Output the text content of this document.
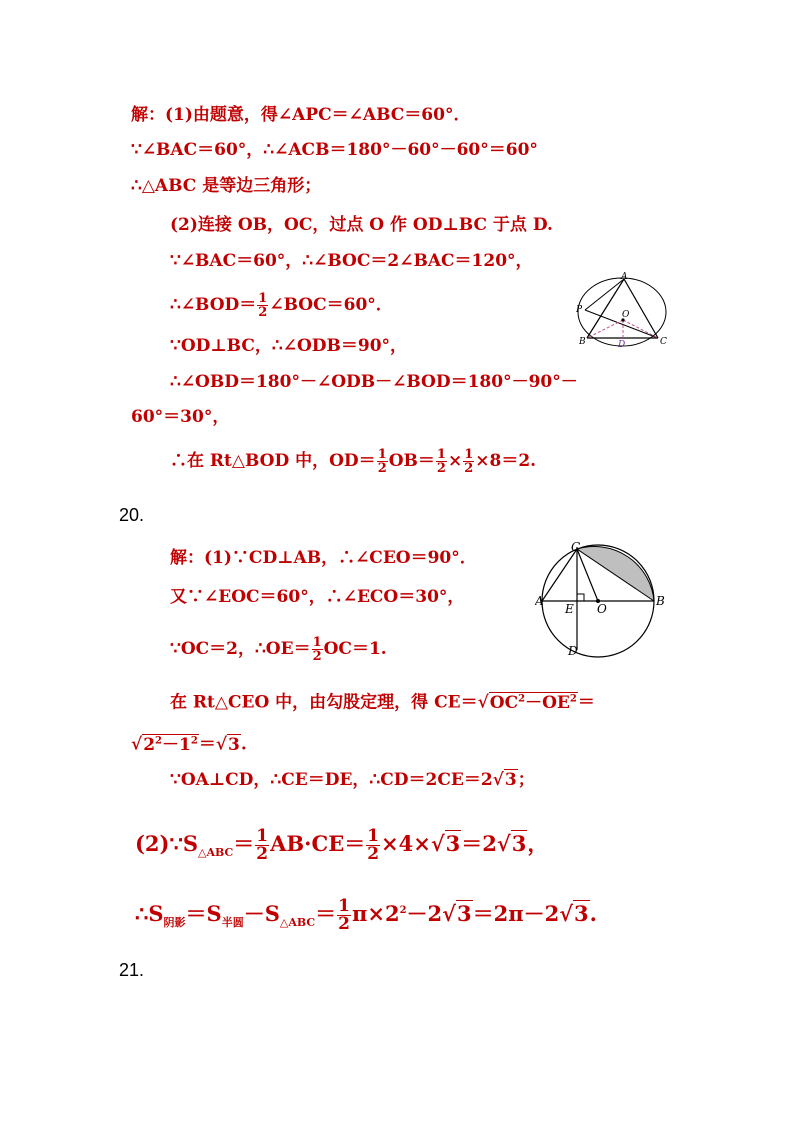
解：(1)由题意，得∠APC＝∠ABC＝60°．
∵∠BAC＝60°，∴∠ACB＝180°－60°－60°＝60°
∴△ABC 是等边三角形；
(2)连接 OB，OC，过点 O 作 OD⊥BC 于点 D.
∵∠BAC＝60°，∴∠BOC＝2∠BAC＝120°，
∴∠BOD＝ $\frac{1}{2}$ ∠BOC＝60°．
∵OD⊥BC，∴∠ODB＝90°，
∴∠OBD＝180°－∠ODB－∠BOD＝180°－90°－
60°＝30°，
∴在 Rt△BOD 中，$OD= \frac{1}{2} OB= \frac{1}{2} \times \frac{1}{2} \times 8=2$.
A
P	O
B	D	C
20.
解：(1)∵CD⊥AB，∴∠CEO＝90°．
又∵∠EOC＝60°，∴∠ECO＝30°，
∵OC＝2，∴OE＝ $\frac{1}{2} OC=1$.
在 Rt△CEO 中，由勾股定理，得 $CE=√OC^2-OE^2=$
$√2^2-1^2=√3$.
∵OA⊥CD，∴CE＝DE，∴CD＝2CE＝2√3；
$(2)\because S_{\triangle ABC}= \frac{1}{2} AB\cdot CE= \frac{1}{2} \times 4\times√3=2√3$，
$\therefore S_{阴影}=S_{半圆}-S_{\triangle ABC}= \frac{1}{2} \pi\times 2^2-2√3=2\pi-2√3$.
C
A
E O
B
D
21.
